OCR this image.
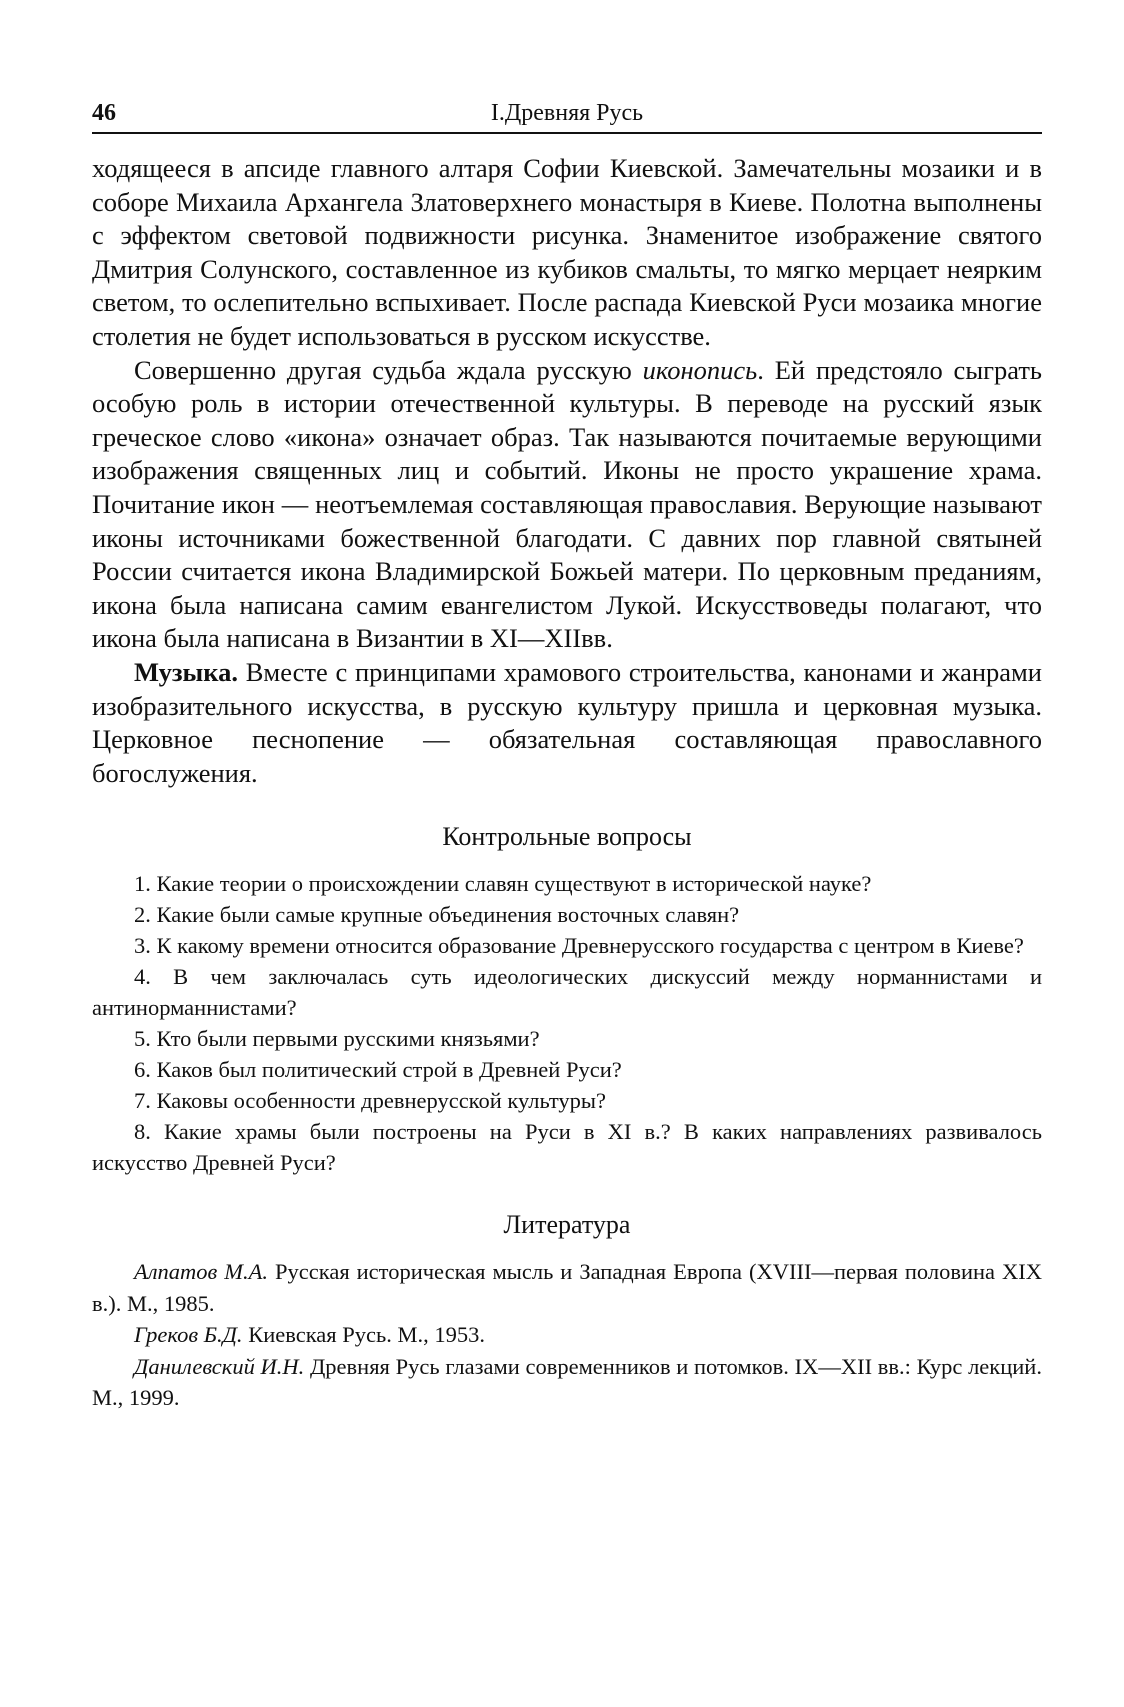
46	I.Древняя Русь

ходящееся в апсиде главного алтаря Софии Киевской. Замечательны мозаики и в соборе Михаила Архангела Златоверхнего монастыря в Киеве. Полотна выполнены с эффектом световой подвижности рисунка. Знаменитое изображение святого Дмитрия Солунского, составленное из кубиков смальты, то мягко мерцает неярким светом, то ослепительно вспыхивает. После распада Киевской Руси мозаика многие столетия не будет использоваться в русском искусстве.

Совершенно другая судьба ждала русскую иконопись. Ей предстояло сыграть особую роль в истории отечественной культуры. В переводе на русский язык греческое слово «икона» означает образ. Так называются почитаемые верующими изображения священных лиц и событий. Иконы не просто украшение храма. Почитание икон — неотъемлемая составляющая православия. Верующие называют иконы источниками божественной благодати. С давних пор главной святыней России считается икона Владимирской Божьей матери. По церковным преданиям, икона была написана самим евангелистом Лукой. Искусствоведы полагают, что икона была написана в Византии в XI—XIIвв.

Музыка. Вместе с принципами храмового строительства, канонами и жанрами изобразительного искусства, в русскую культуру пришла и церковная музыка. Церковное песнопение — обязательная составляющая православного богослужения.

Контрольные вопросы

1. Какие теории о происхождении славян существуют в исторической науке?

2. Какие были самые крупные объединения восточных славян?

3. К какому времени относится образование Древнерусского государства с центром в Киеве?

4. В чем заключалась суть идеологических дискуссий между норманнистами и антинорманнистами?

5. Кто были первыми русскими князьями?

6. Каков был политический строй в Древней Руси?

7. Каковы особенности древнерусской культуры?

8. Какие храмы были построены на Руси в XI в.? В каких направлениях развивалось искусство Древней Руси?

Литература

Алпатов М.А. Русская историческая мысль и Западная Европа (XVIII—первая половина XIX в.). М., 1985.

Греков Б.Д. Киевская Русь. М., 1953.

Данилевский И.Н. Древняя Русь глазами современников и потомков. IX—XII вв.: Курс лекций. М., 1999.
